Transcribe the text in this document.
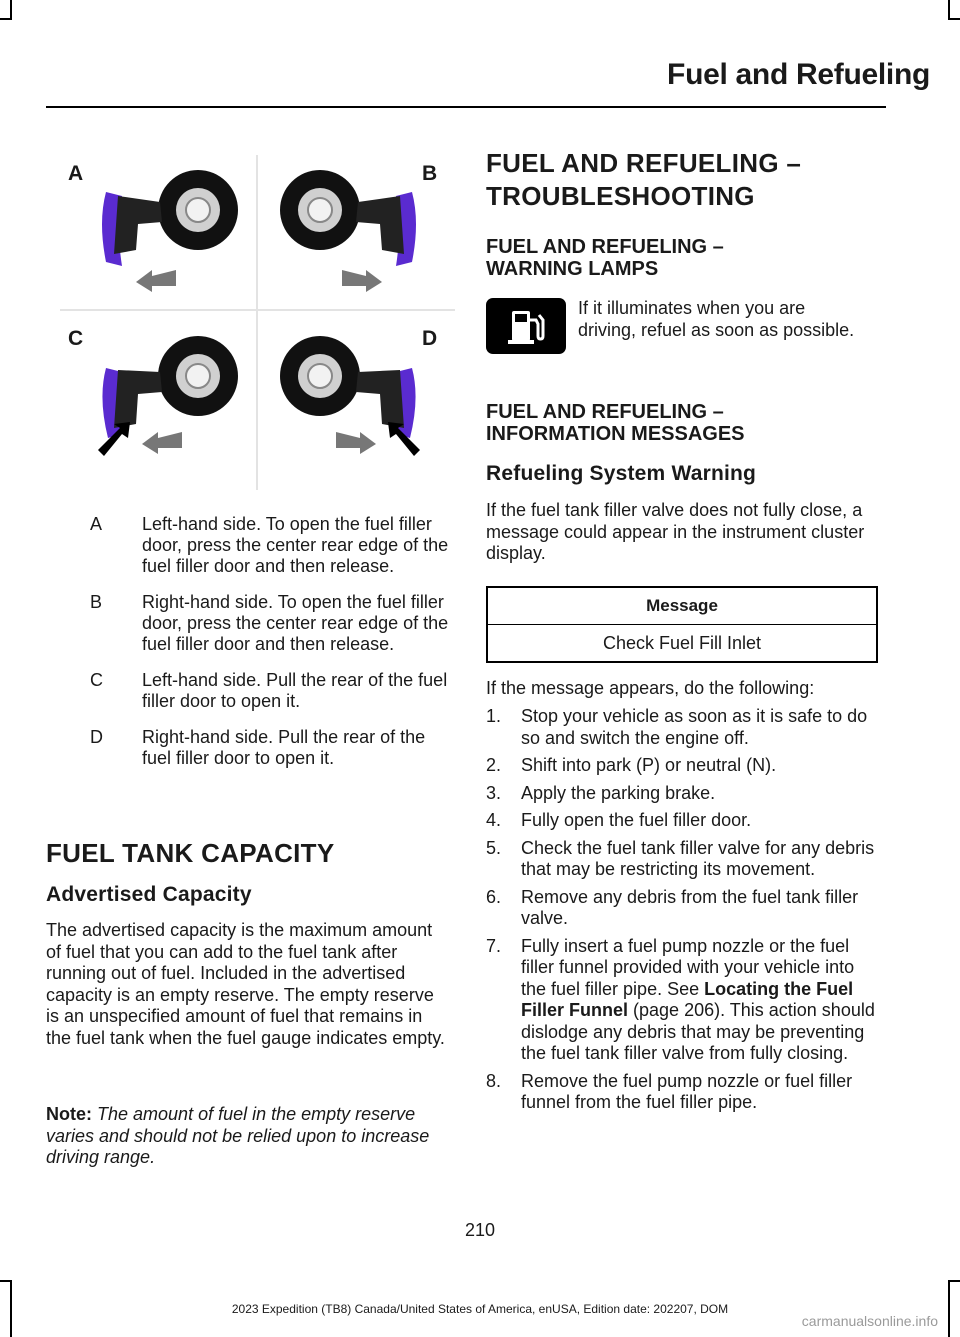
Fuel and Refueling
A	B
C	D
A	Left-hand side. To open the fuel filler door, press the center rear edge of the fuel filler door and then release.
B	Right-hand side. To open the fuel filler door, press the center rear edge of the fuel filler door and then release.
C	Left-hand side. Pull the rear of the fuel filler door to open it.
D	Right-hand side. Pull the rear of the fuel filler door to open it.
FUEL TANK CAPACITY
Advertised Capacity
The advertised capacity is the maximum amount of fuel that you can add to the fuel tank after running out of fuel. Included in the advertised capacity is an empty reserve. The empty reserve is an unspecified amount of fuel that remains in the fuel tank when the fuel gauge indicates empty.
Note: The amount of fuel in the empty reserve varies and should not be relied upon to increase driving range.
FUEL AND REFUELING –
TROUBLESHOOTING
FUEL AND REFUELING –
WARNING LAMPS
If it illuminates when you are driving, refuel as soon as possible.
FUEL AND REFUELING –
INFORMATION MESSAGES
Refueling System Warning
If the fuel tank filler valve does not fully close, a message could appear in the instrument cluster display.
Message
Check Fuel Fill Inlet
If the message appears, do the following:
1.	Stop your vehicle as soon as it is safe to do so and switch the engine off.
2.	Shift into park (P) or neutral (N).
3.	Apply the parking brake.
4.	Fully open the fuel filler door.
5.	Check the fuel tank filler valve for any debris that may be restricting its movement.
6.	Remove any debris from the fuel tank filler valve.
7.	Fully insert a fuel pump nozzle or the fuel filler funnel provided with your vehicle into the fuel filler pipe. See Locating the Fuel Filler Funnel (page 206). This action should dislodge any debris that may be preventing the fuel tank filler valve from fully closing.
8.	Remove the fuel pump nozzle or fuel filler funnel from the fuel filler pipe.
210
2023 Expedition (TB8) Canada/United States of America, enUSA, Edition date: 202207, DOM
carmanualsonline.info
